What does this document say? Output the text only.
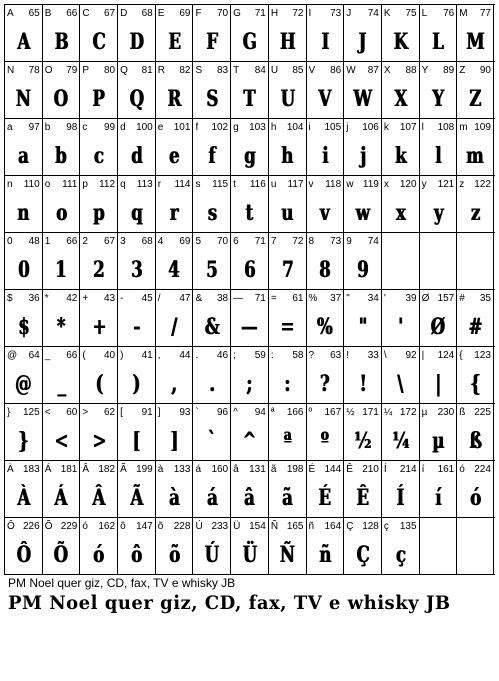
A 65
A
B 66
B
C 67
C
D 68
D
E 69
E
F 70
F
G 71
G
H 72
H
I 73
I
J 74
J
K 75
K
L 76
L
M 77
M
N 78
N
O 79
O
P 80
P
Q 81
Q
R 82
R
S 83
S
T 84
T
U 85
U
V 86
V
W 87
W
X 88
X
Y 89
Y
Z 90
Z
a 97
a
b 98
b
c 99
c
d 100
d
e 101
e
f 102
f
g 103
g
h 104
h
i 105
i
j 106
j
k 107
k
l 108
l
m 109
m
n 110
n
o 111
o
p 112
p
q 113
q
r 114
r
s 115
s
t 116
t
u 117
u
v 118
v
w 119
w
x 120
x
y 121
y
z 122
z
0 48
0
1 66
1
2 67
2
3 68
3
4 69
4
5 70
5
6 71
6
7 72
7
8 73
8
9 74
9
$ 36
$
* 42
*
+ 43
+
- 45
-
/ 47
/
& 38
&
— 71
—
= 61
=
% 37
%
" 34
"
' 39
'
Ø 157
Ø
# 35
#
@ 64
@
_ 66
_
( 40
(
) 41
)
, 44
,
. 46
.
; 59
;
: 58
:
? 63
?
! 33
!
\ 92
\
| 124
|
{ 123
{
} 125
}
< 60
<
> 62
>
[ 91
[
] 93
]
` 96
`
^ 94
^
ª 166
ª
º 167
º
½ 171
½
¼ 172
¼
µ 230
µ
ß 225
ß
À 183
À
Á 181
Á
Â 182
Â
Ã 199
Ã
à 133
à
á 160
á
â 131
â
ã 198
ã
É 144
É
Ê 210
Ê
Í 214
Í
í 161
í
ó 224
ó
Ô 226
Ô
Õ 229
Õ
ó 162
ó
ô 147
ô
õ 228
õ
Ú 233
Ú
Ü 154
Ü
Ñ 165
Ñ
ñ 164
ñ
Ç 128
Ç
ç 135
ç
PM Noel quer giz, CD, fax, TV e whisky JB
PM Noel quer giz, CD, fax, TV e whisky JB
